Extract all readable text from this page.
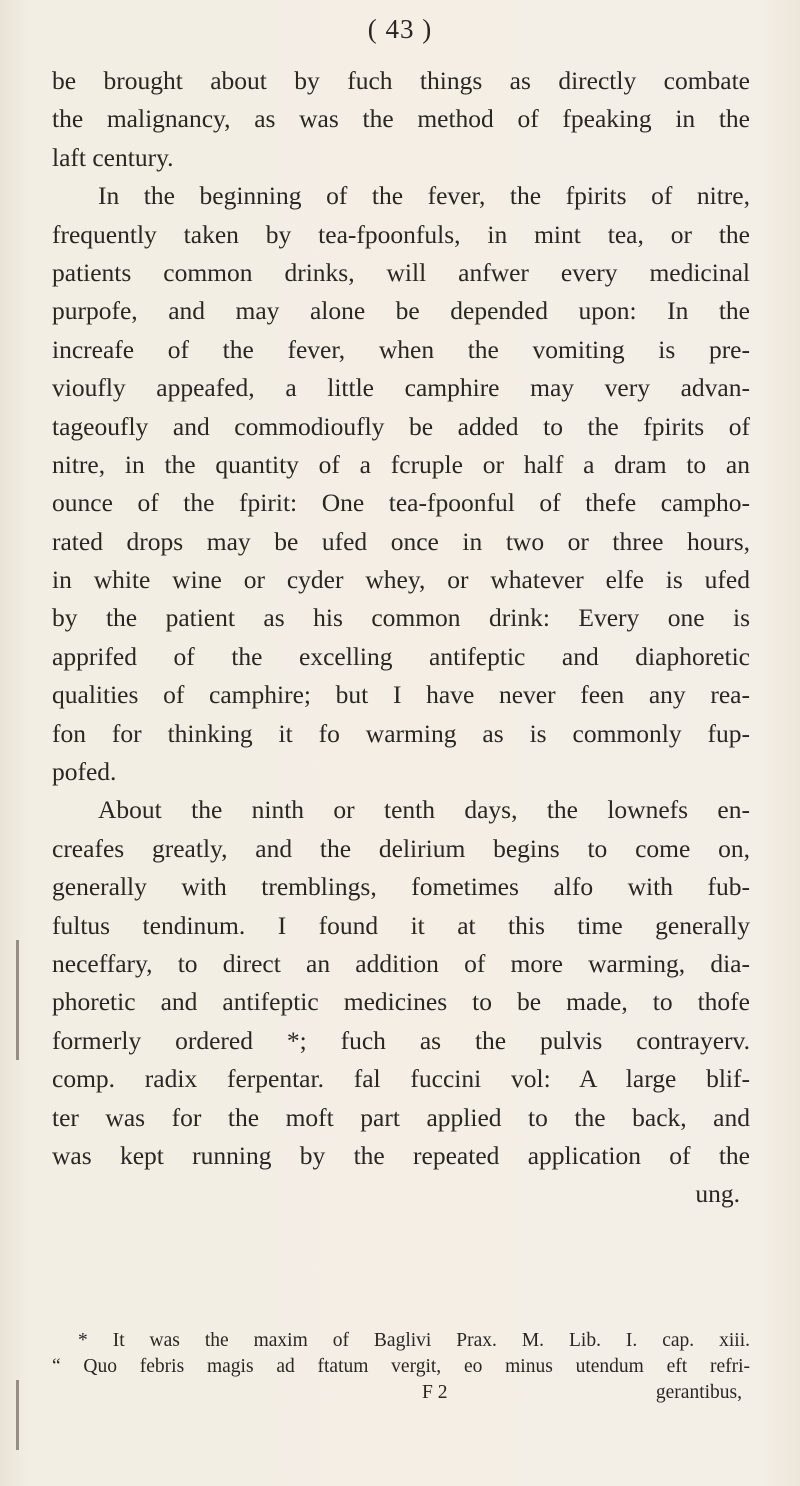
( 43 )
be brought about by fuch things as directly combate
the malignancy, as was the method of fpeaking in the
laft century.
In the beginning of the fever, the fpirits of nitre,
frequently taken by tea-fpoonfuls, in mint tea, or the
patients common drinks, will anfwer every medicinal
purpofe, and may alone be depended upon: In the
increafe of the fever, when the vomiting is pre-
vioufly appeafed, a little camphire may very advan-
tageoufly and commodioufly be added to the fpirits of
nitre, in the quantity of a fcruple or half a dram to an
ounce of the fpirit: One tea-fpoonful of thefe campho-
rated drops may be ufed once in two or three hours,
in white wine or cyder whey, or whatever elfe is ufed
by the patient as his common drink: Every one is
apprifed of the excelling antifeptic and diaphoretic
qualities of camphire; but I have never feen any rea-
fon for thinking it fo warming as is commonly fup-
pofed.
About the ninth or tenth days, the lownefs en-
creafes greatly, and the delirium begins to come on,
generally with tremblings, fometimes alfo with fub-
fultus tendinum. I found it at this time generally
neceffary, to direct an addition of more warming, dia-
phoretic and antifeptic medicines to be made, to thofe
formerly ordered *; fuch as the pulvis contrayerv.
comp. radix ferpentar. fal fuccini vol: A large blif-
ter was for the moft part applied to the back, and
was kept running by the repeated application of the
ung.
* It was the maxim of Baglivi Prax. M. Lib. I. cap. xiii.
“ Quo febris magis ad ftatum vergit, eo minus utendum eft refri-
F 2	gerantibus,
